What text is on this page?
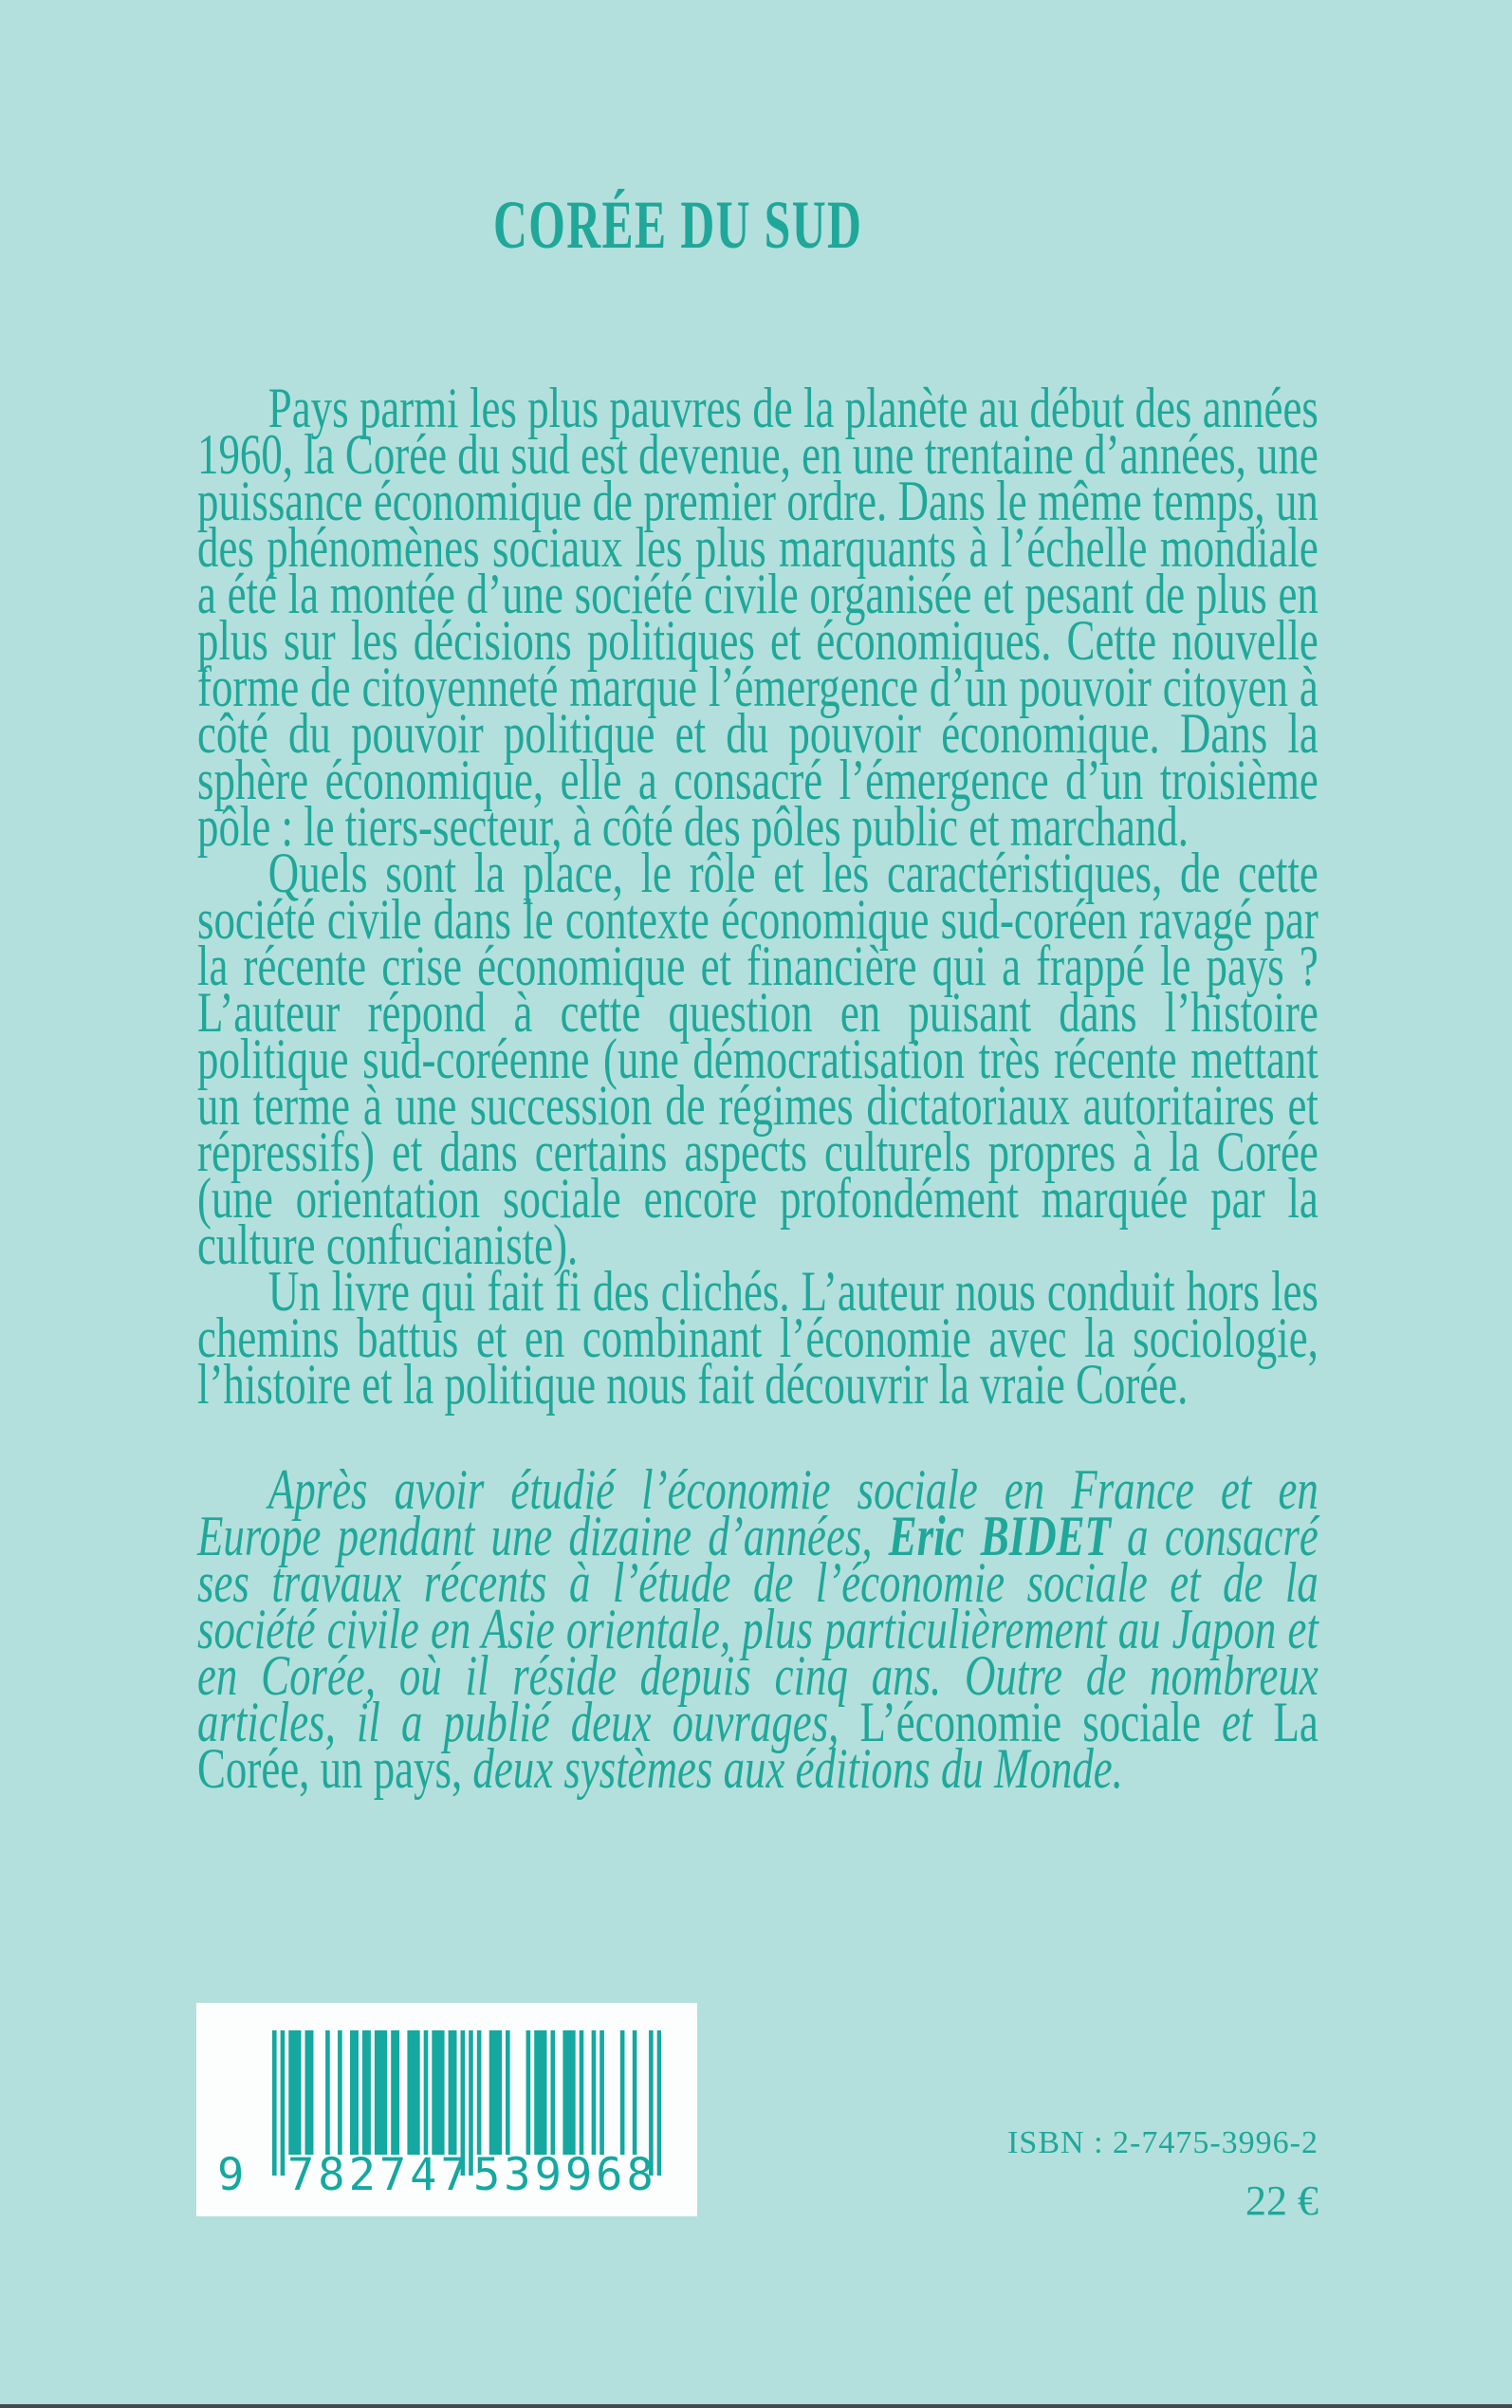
CORÉE DU SUD

Pays parmi les plus pauvres de la planète au début des années 1960, la Corée du sud est devenue, en une trentaine d’années, une puissance économique de premier ordre. Dans le même temps, un des phénomènes sociaux les plus marquants à l’échelle mondiale a été la montée d’une société civile organisée et pesant de plus en plus sur les décisions politiques et économiques. Cette nouvelle forme de citoyenneté marque l’émergence d’un pouvoir citoyen à côté du pouvoir politique et du pouvoir économique. Dans la sphère économique, elle a consacré l’émergence d’un troisième pôle : le tiers-secteur, à côté des pôles public et marchand.

Quels sont la place, le rôle et les caractéristiques, de cette société civile dans le contexte économique sud-coréen ravagé par la récente crise économique et financière qui a frappé le pays ? L’auteur répond à cette question en puisant dans l’histoire politique sud-coréenne (une démocratisation très récente mettant un terme à une succession de régimes dictatoriaux autoritaires et répressifs) et dans certains aspects culturels propres à la Corée (une orientation sociale encore profondément marquée par la culture confucianiste).

Un livre qui fait fi des clichés. L’auteur nous conduit hors les chemins battus et en combinant l’économie avec la sociologie, l’histoire et la politique nous fait découvrir la vraie Corée.

Après avoir étudié l’économie sociale en France et en Europe pendant une dizaine d’années, Eric BIDET a consacré ses travaux récents à l’étude de l’économie sociale et de la société civile en Asie orientale, plus particulièrement au Japon et en Corée, où il réside depuis cinq ans. Outre de nombreux articles, il a publié deux ouvrages, L’économie sociale et La Corée, un pays, deux systèmes aux éditions du Monde.

9 782747 539968
ISBN : 2-7475-3996-2
22 €
